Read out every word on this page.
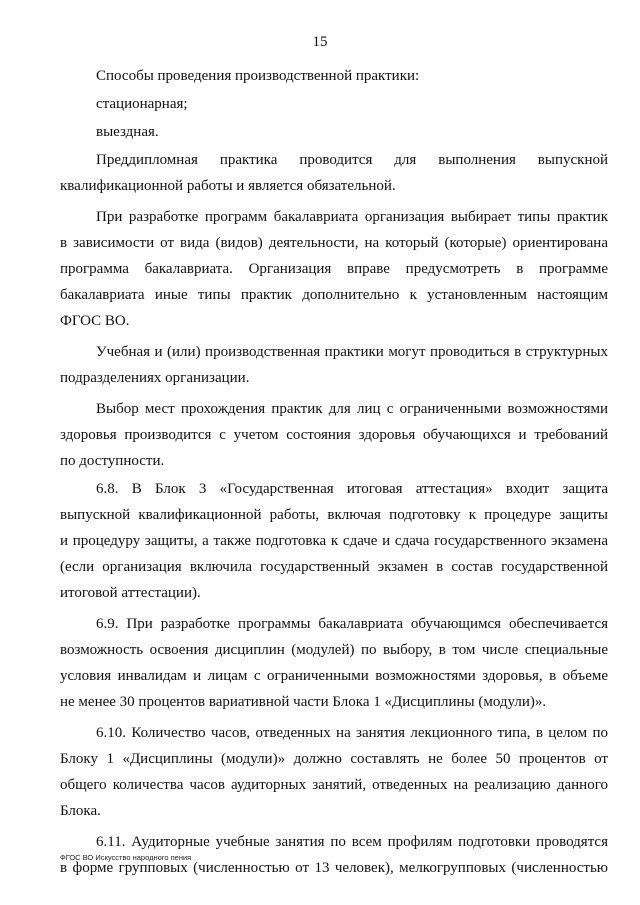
15
Способы проведения производственной практики:
стационарная;
выездная.
Преддипломная практика проводится для выполнения выпускной
квалификационной работы и является обязательной.
При разработке программ бакалавриата организация выбирает типы практик
в зависимости от вида (видов) деятельности, на который (которые) ориентирована
программа бакалавриата. Организация вправе предусмотреть в программе
бакалавриата иные типы практик дополнительно к установленным настоящим
ФГОС ВО.
Учебная и (или) производственная практики могут проводиться в структурных
подразделениях организации.
Выбор мест прохождения практик для лиц с ограниченными возможностями
здоровья производится с учетом состояния здоровья обучающихся и требований
по доступности.
6.8. В Блок 3 «Государственная итоговая аттестация» входит защита
выпускной квалификационной работы, включая подготовку к процедуре защиты
и процедуру защиты, а также подготовка к сдаче и сдача государственного экзамена
(если организация включила государственный экзамен в состав государственной
итоговой аттестации).
6.9. При разработке программы бакалавриата обучающимся обеспечивается
возможность освоения дисциплин (модулей) по выбору, в том числе специальные
условия инвалидам и лицам с ограниченными возможностями здоровья, в объеме
не менее 30 процентов вариативной части Блока 1 «Дисциплины (модули)».
6.10. Количество часов, отведенных на занятия лекционного типа, в целом по
Блоку 1 «Дисциплины (модули)» должно составлять не более 50 процентов от
общего количества часов аудиторных занятий, отведенных на реализацию данного
Блока.
6.11. Аудиторные учебные занятия по всем профилям подготовки проводятся
в форме групповых (численностью от 13 человек), мелкогрупповых (численностью
ФГОС ВО Искусство народного пения
